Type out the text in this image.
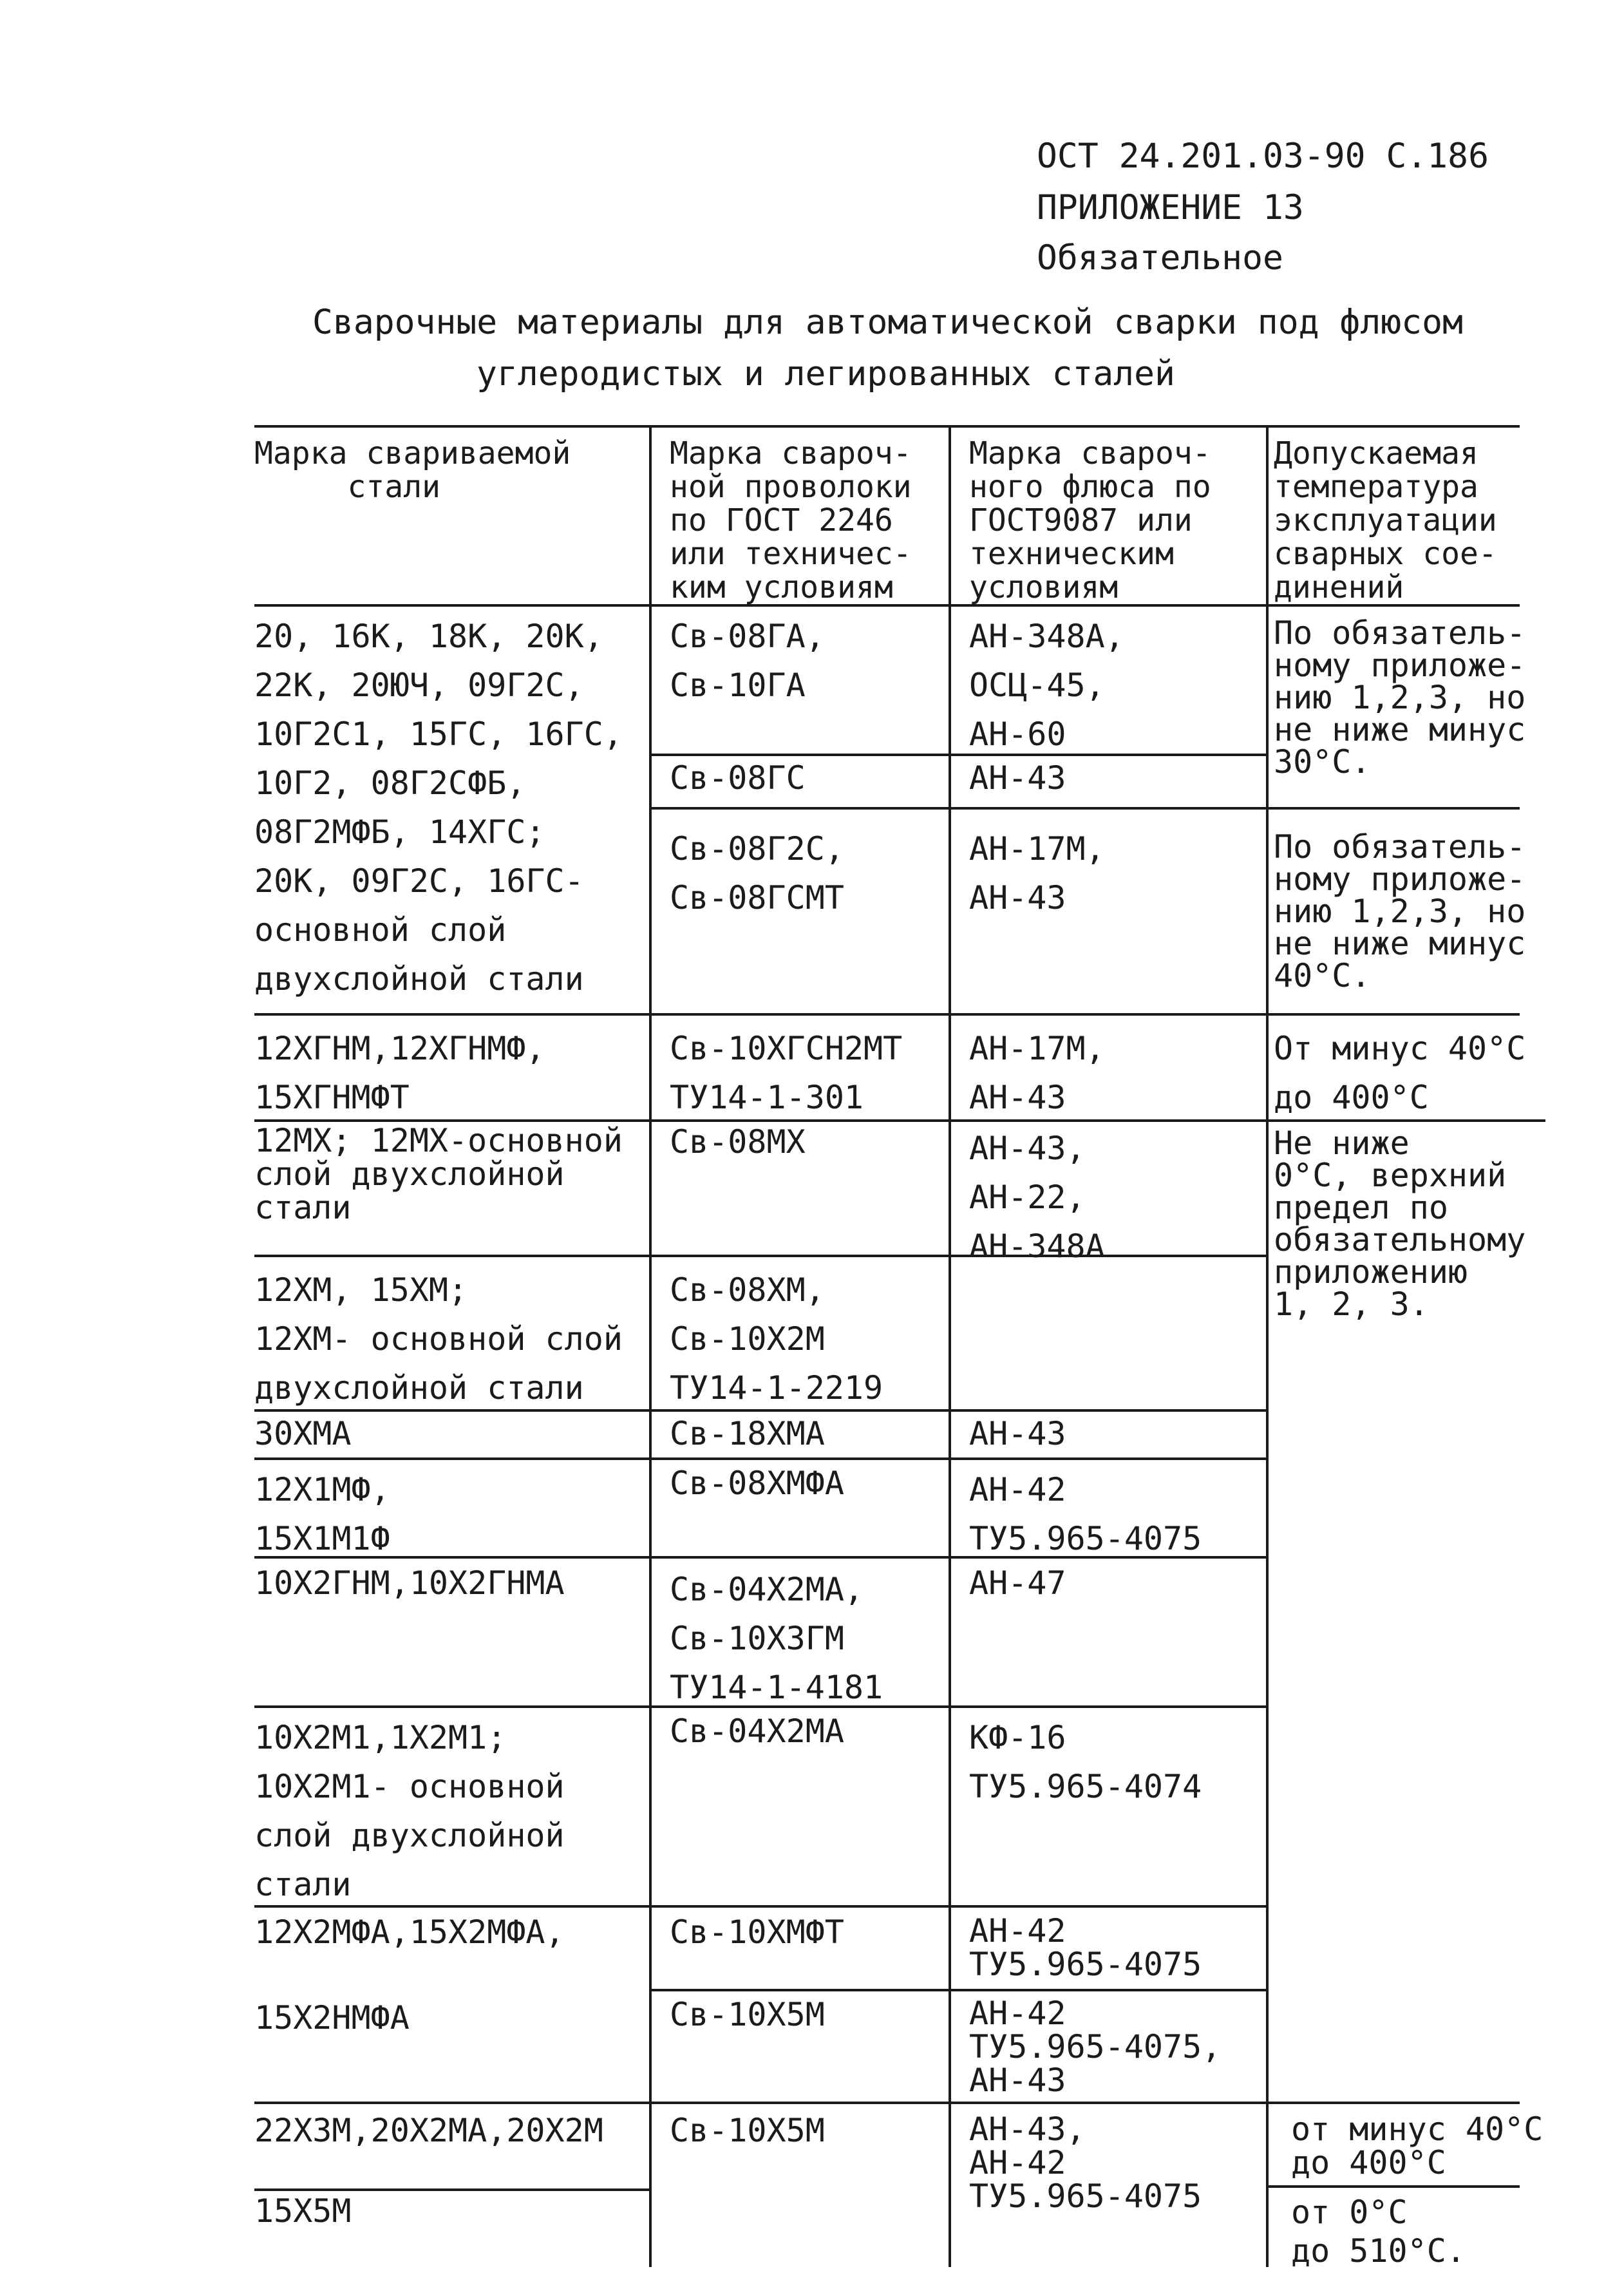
ОСТ 24.201.03-90 С.186
ПРИЛОЖЕНИЕ 13
Обязательное
Сварочные материалы для автоматической сварки под флюсом
углеродистых и легированных сталей
Марка свариваемой
стали
Марка свароч-
ной проволоки
по ГОСТ 2246
или техничес-
ким условиям
Марка свароч-
ного флюса по
ГОСТ9087 или
техническим
условиям
Допускаемая
температура
эксплуатации
сварных сое-
динений
20, 16К, 18К, 20К,
22К, 20ЮЧ, 09Г2С,
10Г2С1, 15ГС, 16ГС,
10Г2, 08Г2СФБ,
08Г2МФБ, 14ХГС;
20К, 09Г2С, 16ГС-
основной слой
двухслойной стали
12ХГНМ,12ХГНМФ,
15ХГНМФТ
12МХ; 12МХ-основной
слой двухслойной
стали
12ХМ, 15ХМ;
12ХМ- основной слой
двухслойной стали
30ХМА
12Х1МФ,
15Х1М1Ф
10Х2ГНМ,10Х2ГНМА
10Х2М1,1Х2М1;
10Х2М1- основной
слой двухслойной
стали
12Х2МФА,15Х2МФА,
15Х2НМФА
22Х3М,20Х2МА,20Х2М
15Х5М
Св-08ГА,
Св-10ГА
Св-08ГС
Св-08Г2С,
Св-08ГСМТ
Св-10ХГСН2МТ
ТУ14-1-301
Св-08МХ
Св-08ХМ,
Св-10Х2М
ТУ14-1-2219
Св-18ХМА
Св-08ХМФА
Св-04Х2МА,
Св-10Х3ГМ
ТУ14-1-4181
Св-04Х2МА
Св-10ХМФТ
Св-10Х5М
Св-10Х5М
АН-348А,
ОСЦ-45,
АН-60
АН-43
АН-17М,
АН-43
АН-17М,
АН-43
АН-43,
АН-22,
АН-348А
АН-43
АН-42
ТУ5.965-4075
АН-47
КФ-16
ТУ5.965-4074
АН-42
ТУ5.965-4075
АН-42
ТУ5.965-4075,
АН-43
АН-43,
АН-42
ТУ5.965-4075
По обязатель-
ному приложе-
нию 1,2,3, но
не ниже минус
30°С.
По обязатель-
ному приложе-
нию 1,2,3, но
не ниже минус
40°С.
От минус 40°С
до 400°С
Не ниже
0°С, верхний
предел по
обязательному
приложению
1, 2, 3.
от минус 40°С
до 400°С
от 0°С
до 510°С.
